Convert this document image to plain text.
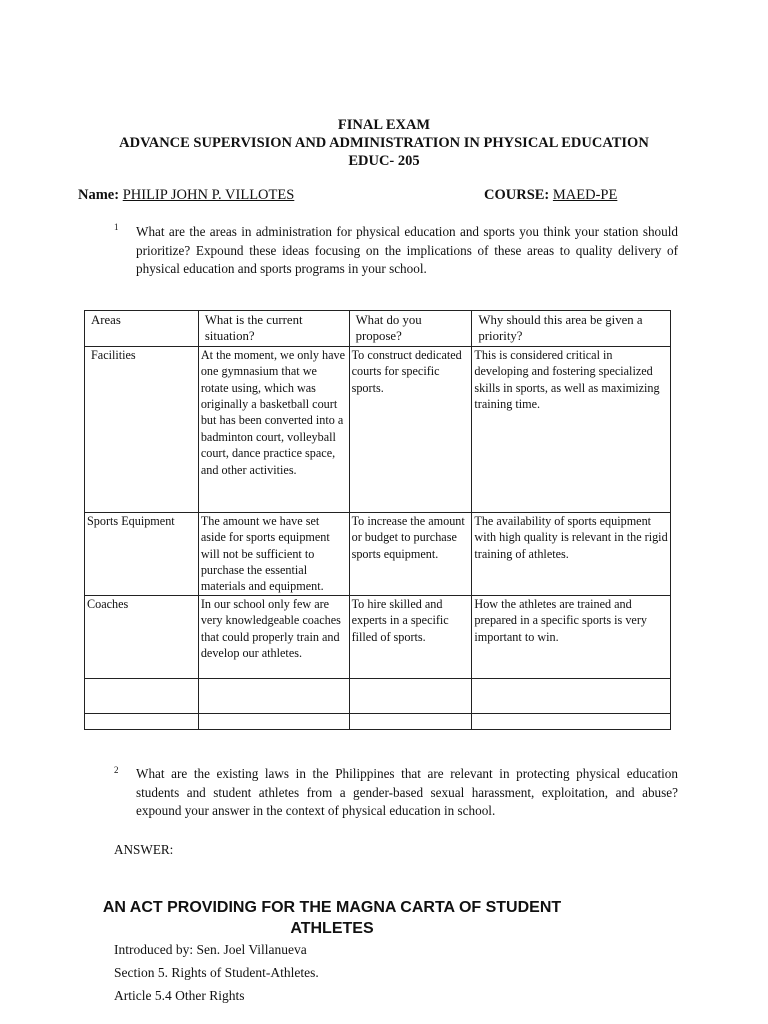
FINAL EXAM
ADVANCE SUPERVISION AND ADMINISTRATION IN PHYSICAL EDUCATION
EDUC- 205
Name: PHILIP JOHN P. VILLOTES	COURSE: MAED-PE
1 What are the areas in administration for physical education and sports you think your station should prioritize? Expound these ideas focusing on the implications of these areas to quality delivery of physical education and sports programs in your school.
Areas	What is the current situation?	What do you propose?	Why should this area be given a priority?
Facilities	At the moment, we only have one gymnasium that we rotate using, which was originally a basketball court but has been converted into a badminton court, volleyball court, dance practice space, and other activities.	To construct dedicated courts for specific sports.	This is considered critical in developing and fostering specialized skills in sports, as well as maximizing training time.
Sports Equipment	The amount we have set aside for sports equipment will not be sufficient to purchase the essential materials and equipment.	To increase the amount or budget to purchase sports equipment.	The availability of sports equipment with high quality is relevant in the rigid training of athletes.
Coaches	In our school only few are very knowledgeable coaches that could properly train and develop our athletes.	To hire skilled and experts in a specific filled of sports.	How the athletes are trained and prepared in a specific sports is very important to win.

2 What are the existing laws in the Philippines that are relevant in protecting physical education students and student athletes from a gender-based sexual harassment, exploitation, and abuse? expound your answer in the context of physical education in school.
ANSWER:
AN ACT PROVIDING FOR THE MAGNA CARTA OF STUDENT ATHLETES
Introduced by: Sen. Joel Villanueva
Section 5. Rights of Student-Athletes.
Article 5.4 Other Rights
